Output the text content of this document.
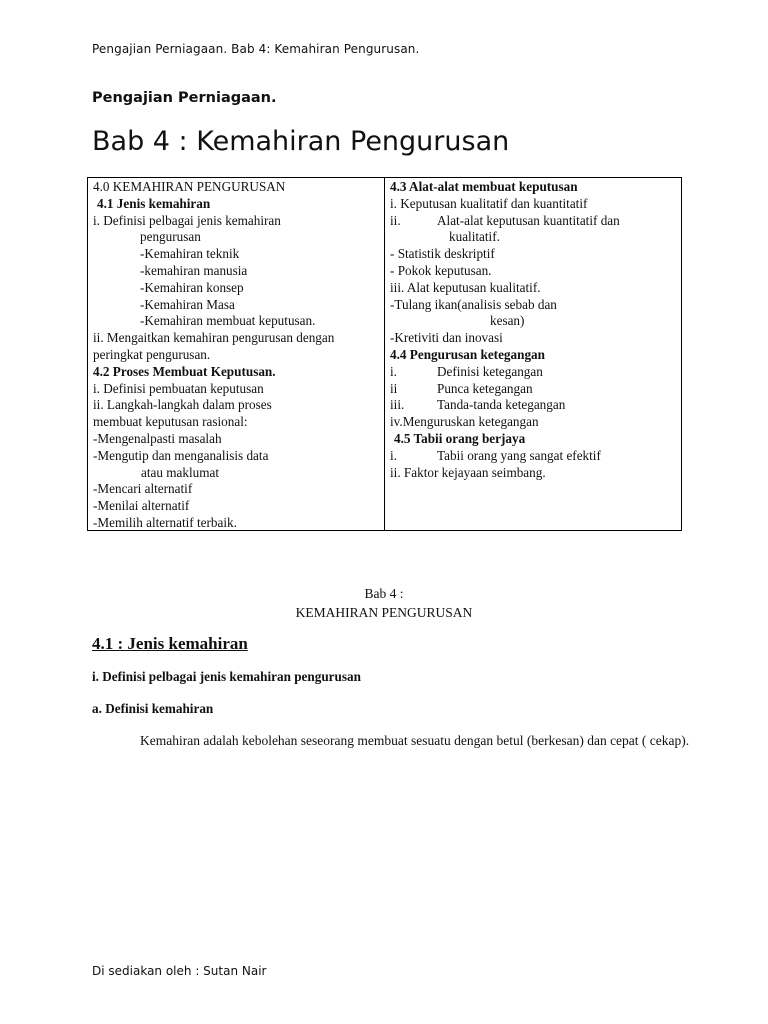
Pengajian Perniagaan. Bab 4: Kemahiran Pengurusan.
Pengajian Perniagaan.
Bab 4 : Kemahiran Pengurusan
4.0 KEMAHIRAN PENGURUSAN
4.1 Jenis kemahiran
i. Definisi pelbagai jenis kemahiran
pengurusan
-Kemahiran teknik
-kemahiran manusia
-Kemahiran konsep
-Kemahiran Masa
-Kemahiran membuat keputusan.
ii. Mengaitkan kemahiran pengurusan dengan
peringkat pengurusan.
4.2 Proses Membuat Keputusan.
i. Definisi pembuatan keputusan
ii. Langkah-langkah dalam proses
membuat keputusan rasional:
-Mengenalpasti masalah
-Mengutip dan menganalisis data
atau maklumat
-Mencari alternatif
-Menilai alternatif
-Memilih alternatif terbaik.
4.3 Alat-alat membuat keputusan
i. Keputusan kualitatif dan kuantitatif
ii.	Alat-alat keputusan kuantitatif dan
kualitatif.
- Statistik deskriptif
- Pokok keputusan.
iii. Alat keputusan kualitatif.
-Tulang ikan(analisis sebab dan
kesan)
-Kretiviti dan inovasi
4.4 Pengurusan ketegangan
i.	Definisi ketegangan
ii	Punca ketegangan
iii. Tanda-tanda ketegangan
iv.Menguruskan ketegangan
4.5 Tabii orang berjaya
i.	Tabii orang yang sangat efektif
ii. Faktor kejayaan seimbang.
Bab 4 :
KEMAHIRAN PENGURUSAN
4.1 : Jenis kemahiran
i. Definisi pelbagai jenis kemahiran pengurusan
a. Definisi kemahiran
Kemahiran adalah kebolehan seseorang membuat sesuatu dengan betul (berkesan) dan cepat ( cekap).
Di sediakan oleh : Sutan Nair
